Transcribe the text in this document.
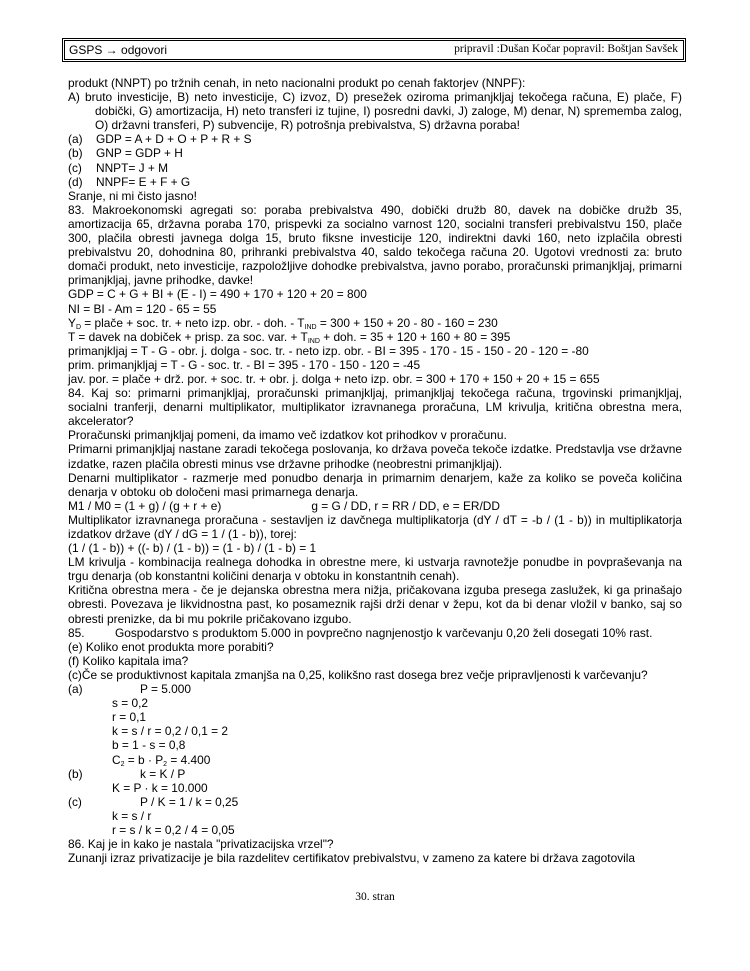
GSPS → odgovori	pripravil :Dušan Kočar popravil: Boštjan Savšek

produkt (NNPT) po tržnih cenah, in neto nacionalni produkt po cenah faktorjev (NNPF):

A) bruto investicije, B) neto investicije, C) izvoz, D) presežek oziroma primanjkljaj tekočega računa, E) plače, F) dobički, G) amortizacija, H) neto transferi iz tujine, I) posredni davki, J) zaloge, M) denar, N) sprememba zalog, O) državni transferi, P) subvencije, R) potrošnja prebivalstva, S) državna poraba!

(a)	GDP = A + D + O + P + R + S
(b)	GNP = GDP + H
(c)	NNPT= J + M
(d)	NNPF= E + F + G

Sranje, ni mi čisto jasno!

83. Makroekonomski agregati so: poraba prebivalstva 490, dobički družb 80, davek na dobičke družb 35, amortizacija 65, državna poraba 170, prispevki za socialno varnost 120, socialni transferi prebivalstvu 150, plače 300, plačila obresti javnega dolga 15, bruto fiksne investicije 120, indirektni davki 160, neto izplačila obresti prebivalstvu 20, dohodnina 80, prihranki prebivalstva 40, saldo tekočega računa 20. Ugotovi vrednosti za: bruto domači produkt, neto investicije, razpoložljive dohodke prebivalstva, javno porabo, proračunski primanjkljaj, primarni primanjkljaj, javne prihodke, davke!

GDP = C + G + BI + (E - I) = 490 + 170 + 120 + 20 = 800

NI = BI - Am = 120 - 65 = 55

$Y_D$ = plače + soc. tr. + neto izp. obr. - doh. - $T_{IND} = 300 + 150 + 20 - 80 - 160 = 230$

T = davek na dobiček + prisp. za soc. var. + $T_{IND}$ + doh. = 35 + 120 + 160 + 80 = 395

primanjkljaj = T - G - obr. j. dolga - soc. tr. - neto izp. obr. - BI = 395 - 170 - 15 - 150 - 20 - 120 = -80

prim. primanjkljaj = T - G - soc. tr. - BI = 395 - 170 - 150 - 120 = -45

jav. por. = plače + drž. por. + soc. tr. + obr. j. dolga + neto izp. obr. = 300 + 170 + 150 + 20 + 15 = 655

84. Kaj so: primarni primanjkljaj, proračunski primanjkljaj, primanjkljaj tekočega računa, trgovinski primanjkljaj, socialni tranferji, denarni multiplikator, multiplikator izravnanega proračuna, LM krivulja, kritična obrestna mera, akcelerator?

Proračunski primanjkljaj pomeni, da imamo več izdatkov kot prihodkov v proračunu.

Primarni primanjkljaj nastane zaradi tekočega poslovanja, ko država poveča tekoče izdatke. Predstavlja vse državne izdatke, razen plačila obresti minus vse državne prihodke (neobrestni primanjkljaj).

Denarni multiplikator - razmerje med ponudbo denarja in primarnim denarjem, kaže za koliko se poveča količina denarja v obtoku ob določeni masi primarnega denarja.

M1 / M0 = (1 + g) / (g + r + e)	g = G / DD, r = RR / DD, e = ER/DD

Multiplikator izravnanega proračuna - sestavljen iz davčnega multiplikatorja (dY / dT = -b / (1 - b)) in multiplikatorja izdatkov države (dY / dG = 1 / (1 - b)), torej:

(1 / (1 - b)) + ((- b) / (1 - b)) = (1 - b) / (1 - b) = 1

LM krivulja - kombinacija realnega dohodka in obrestne mere, ki ustvarja ravnotežje ponudbe in povpraševanja na trgu denarja (ob konstantni količini denarja v obtoku in konstantnih cenah).

Kritična obrestna mera - če je dejanska obrestna mera nižja, pričakovana izguba presega zaslužek, ki ga prinašajo obresti. Povezava je likvidnostna past, ko posameznik rajši drži denar v žepu, kot da bi denar vložil v banko, saj so obresti prenizke, da bi mu pokrile pričakovano izgubo.

85.	Gospodarstvo s produktom 5.000 in povprečno nagnjenostjo k varčevanju 0,20 želi dosegati 10% rast.

(e) Koliko enot produkta more porabiti?

(f) Koliko kapitala ima?

(c)Če se produktivnost kapitala zmanjša na 0,25, kolikšno rast dosega brez večje pripravljenosti k varčevanju?

(a)	P = 5.000

s = 0,2

r = 0,1

k = s / r = 0,2 / 0,1 = 2

b = 1 - s = 0,8

$C_2 = b \cdot P_2 = 4.400$

(b)	k = K / P

K = P · k = 10.000

(c)	P / K = 1 / k = 0,25

k = s / r

r = s / k = 0,2 / 4 = 0,05

86. Kaj je in kako je nastala "privatizacijska vrzel"?

Zunanji izraz privatizacije je bila razdelitev certifikatov prebivalstvu, v zameno za katere bi država zagotovila

30. stran
